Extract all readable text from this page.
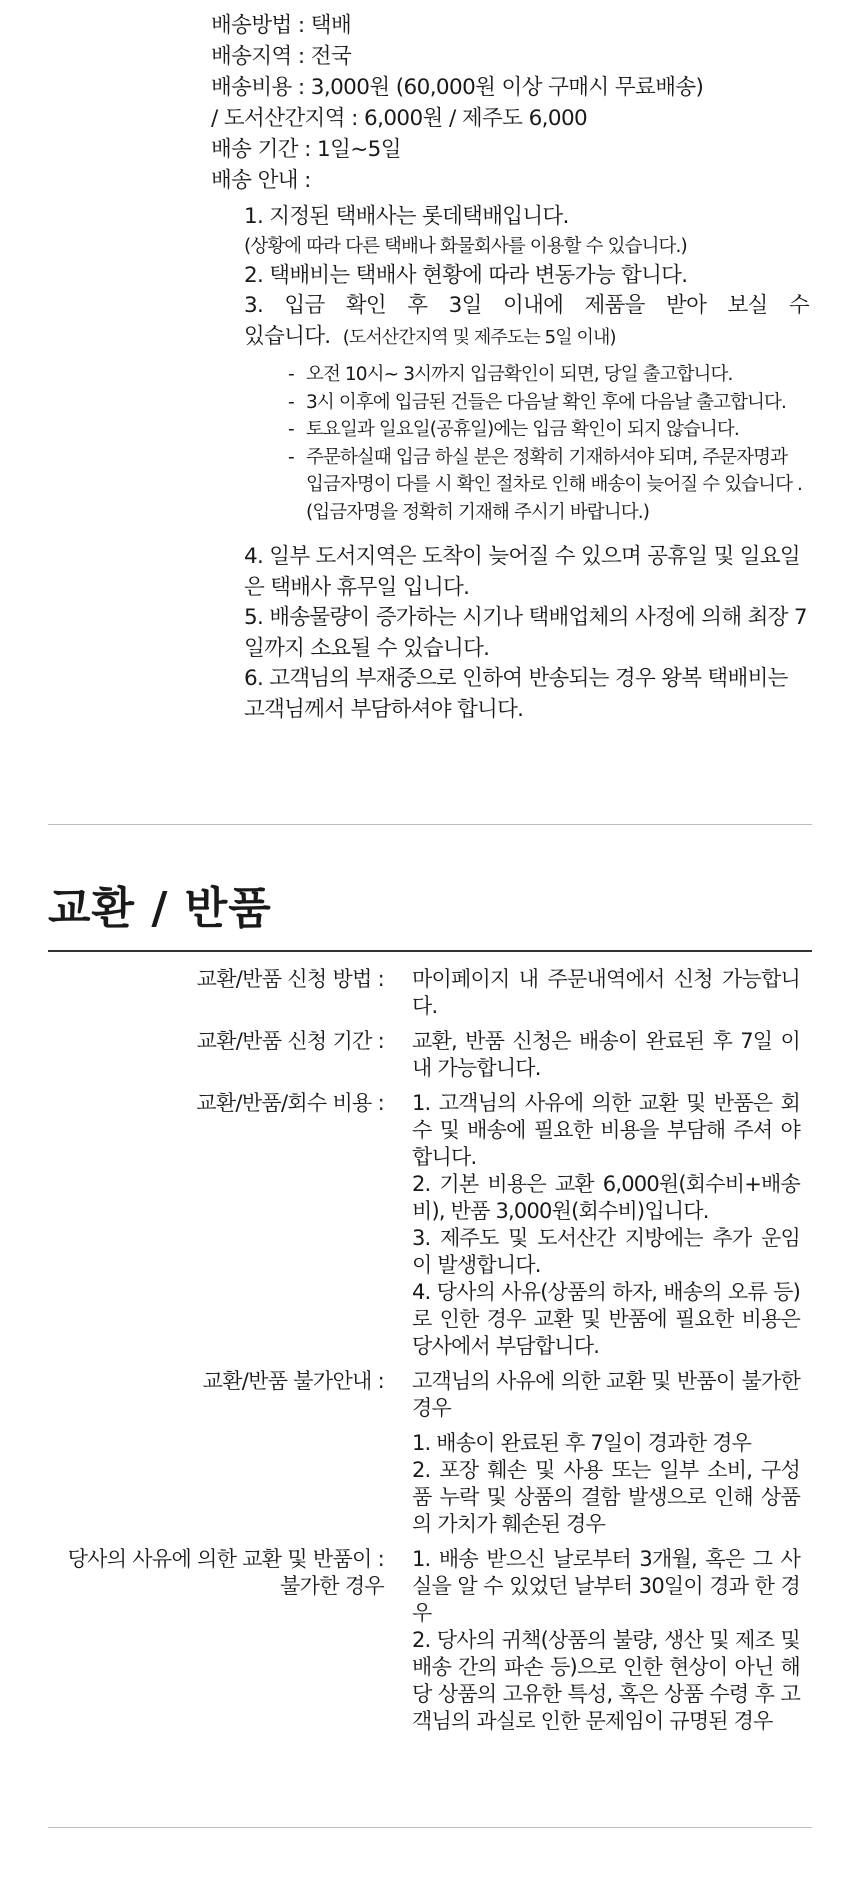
배송방법 : 택배
배송지역 : 전국
배송비용 : 3,000원 (60,000원 이상 구매시 무료배송)
/ 도서산간지역 : 6,000원 / 제주도 6,000
배송 기간 : 1일~5일
배송 안내 :
1. 지정된 택배사는 롯데택배입니다.
(상황에 따라 다른 택배나 화물회사를 이용할 수 있습니다.)
2. 택배비는 택배사 현황에 따라 변동가능 합니다.
3. 입금 확인 후 3일 이내에 제품을 받아 보실 수
있습니다. (도서산간지역 및 제주도는 5일 이내)
- 오전 10시~ 3시까지 입금확인이 되면, 당일 출고합니다.
- 3시 이후에 입금된 건들은 다음날 확인 후에 다음날 출고합니다.
- 토요일과 일요일(공휴일)에는 입금 확인이 되지 않습니다.
- 주문하실때 입금 하실 분은 정확히 기재하셔야 되며, 주문자명과 입금자명이 다를 시 확인 절차로 인해 배송이 늦어질 수 있습니다 .(입금자명을 정확히 기재해 주시기 바랍니다.)
4. 일부 도서지역은 도착이 늦어질 수 있으며 공휴일 및 일요일은 택배사 휴무일 입니다.
5. 배송물량이 증가하는 시기나 택배업체의 사정에 의해 최장 7일까지 소요될 수 있습니다.
6. 고객님의 부재중으로 인하여 반송되는 경우 왕복 택배비는 고객님께서 부담하셔야 합니다.
교환 / 반품
교환/반품 신청 방법 :	마이페이지 내 주문내역에서 신청 가능합니다.

교환/반품 신청 기간 :	교환, 반품 신청은 배송이 완료된 후 7일 이내 가능합니다.

교환/반품/회수 비용 :	1. 고객님의 사유에 의한 교환 및 반품은 회수 및 배송에 필요한 비용을 부담해 주셔 야 합니다.

2. 기본 비용은 교환 6,000원(회수비+배송비), 반품 3,000원(회수비)입니다.

3. 제주도 및 도서산간 지방에는 추가 운임 이 발생합니다.

4. 당사의 사유(상품의 하자, 배송의 오류 등)로 인한 경우 교환 및 반품에 필요한 비용은 당사에서 부담합니다.

교환/반품 불가안내 :	고객님의 사유에 의한 교환 및 반품이 불가한 경우

1. 배송이 완료된 후 7일이 경과한 경우

2. 포장 훼손 및 사용 또는 일부 소비, 구성 품 누락 및 상품의 결함 발생으로 인해 상품의 가치가 훼손된 경우

당사의 사유에 의한 교환 및 반품이 : 불가한 경우

1. 배송 받으신 날로부터 3개월, 혹은 그 사실을 알 수 있었던 날부터 30일이 경과 한 경우

2. 당사의 귀책(상품의 불량, 생산 및 제조 및 배송 간의 파손 등)으로 인한 현상이 아닌 해당 상품의 고유한 특성, 혹은 상품 수령 후 고객님의 과실로 인한 문제임이 규명된 경우
